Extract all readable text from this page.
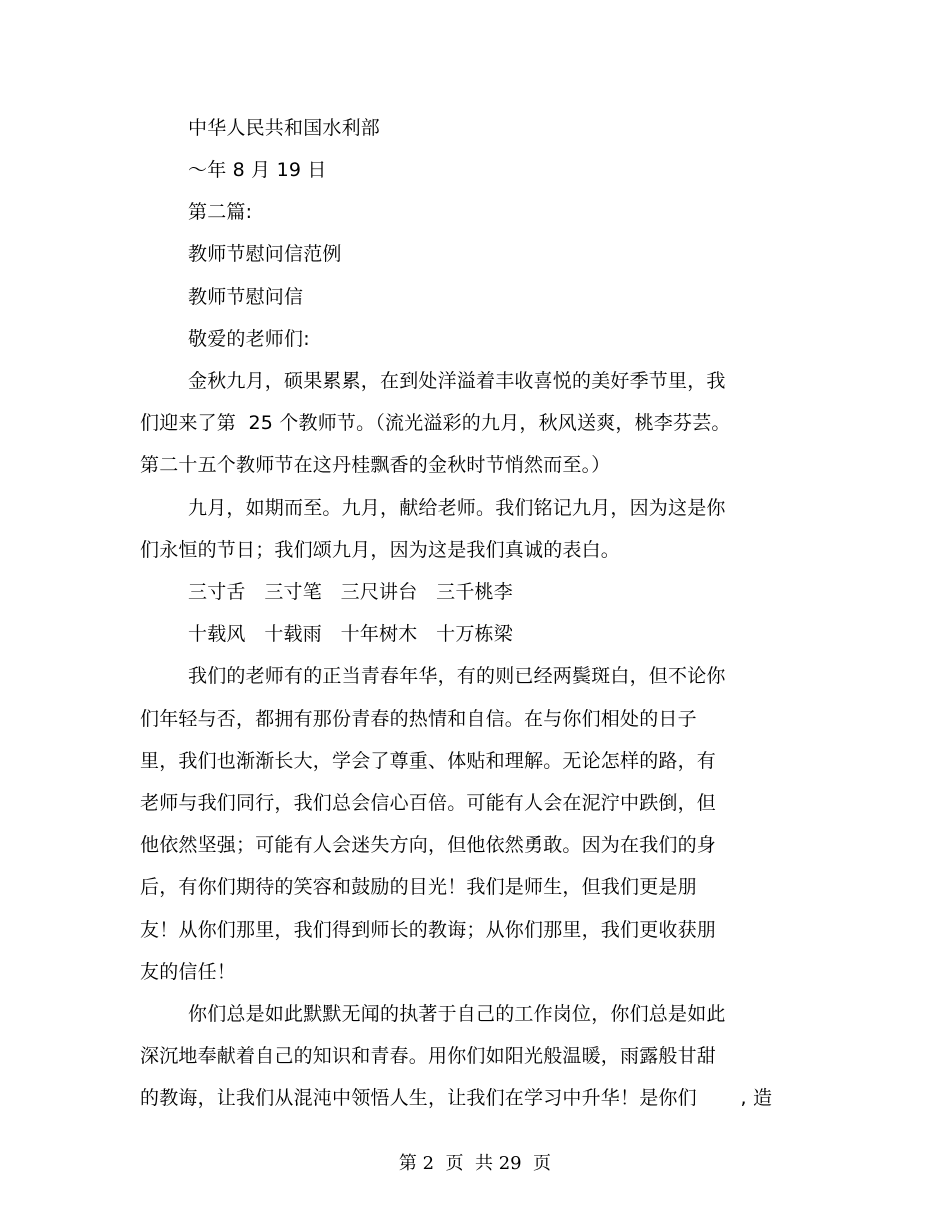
中华人民共和国水利部
～年 8 月 19 日
第二篇:
教师节慰问信范例
教师节慰问信
敬爱的老师们:
金秋九月，硕果累累，在到处洋溢着丰收喜悦的美好季节里，我
们迎来了第  25 个教师节。（流光溢彩的九月，秋风送爽，桃李芬芸。
第二十五个教师节在这丹桂飘香的金秋时节悄然而至。）
九月，如期而至。九月，献给老师。我们铭记九月，因为这是你
们永恒的节日；我们颂九月，因为这是我们真诚的表白。
三寸舌   三寸笔   三尺讲台   三千桃李
十载风   十载雨   十年树木   十万栋梁
我们的老师有的正当青春年华，有的则已经两鬓斑白，但不论你
们年轻与否，都拥有那份青春的热情和自信。在与你们相处的日子
里，我们也渐渐长大，学会了尊重、体贴和理解。无论怎样的路，有
老师与我们同行，我们总会信心百倍。可能有人会在泥泞中跌倒，但
他依然坚强；可能有人会迷失方向，但他依然勇敢。因为在我们的身
后，有你们期待的笑容和鼓励的目光！我们是师生，但我们更是朋
友！从你们那里，我们得到师长的教诲；从你们那里，我们更收获朋
友的信任！
你们总是如此默默无闻的执著于自己的工作岗位，你们总是如此
深沉地奉献着自己的知识和青春。用你们如阳光般温暖，雨露般甘甜
的教诲，让我们从混沌中领悟人生，让我们在学习中升华！是你们       , 造
第 2  页  共 29  页
